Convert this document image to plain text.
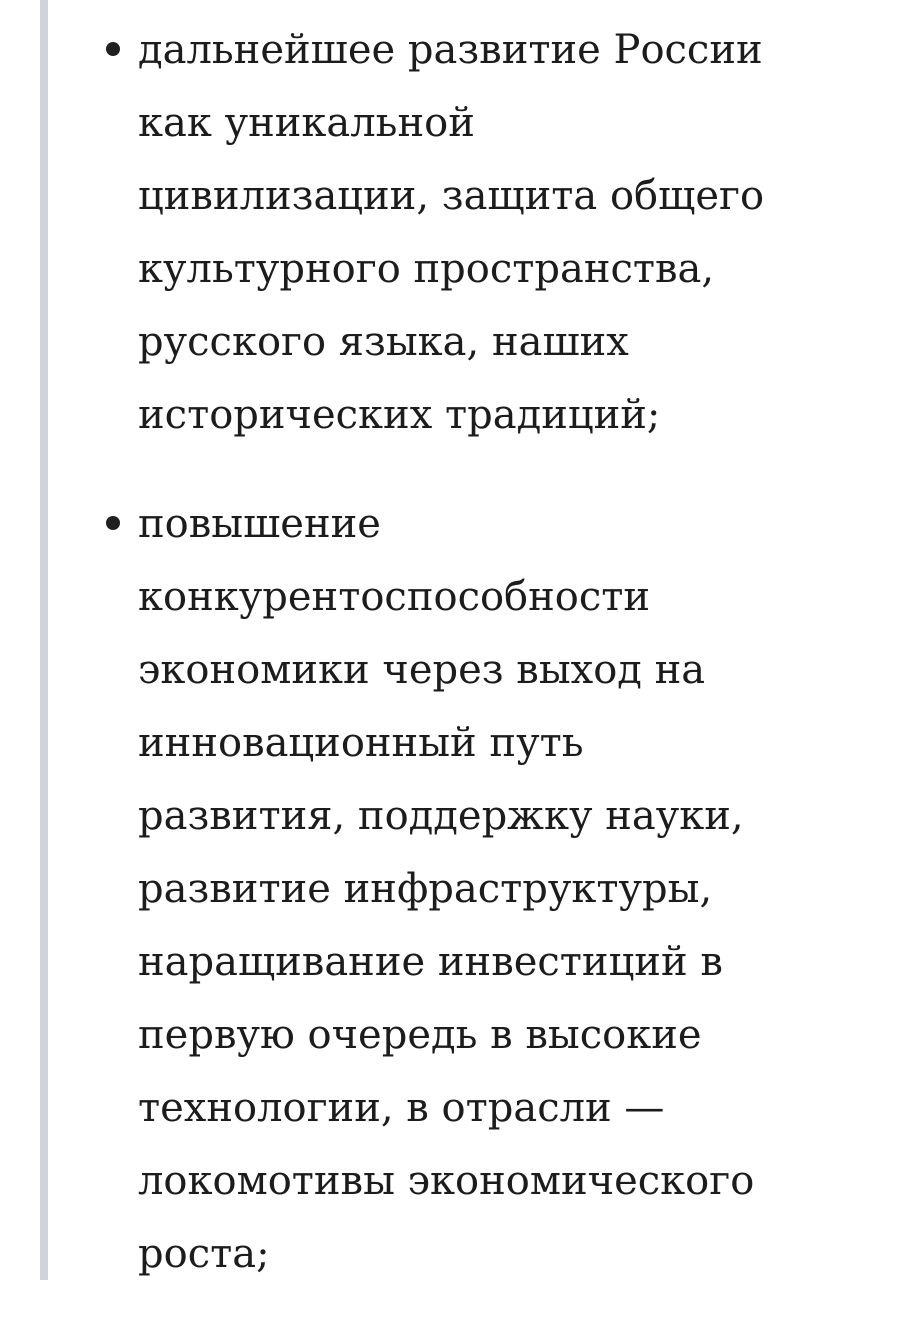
дальнейшее развитие России
как уникальной
цивилизации, защита общего
культурного пространства,
русского языка, наших
исторических традиций;
повышение
конкурентоспособности
экономики через выход на
инновационный путь
развития, поддержку науки,
развитие инфраструктуры,
наращивание инвестиций в
первую очередь в высокие
технологии, в отрасли —
локомотивы экономического
роста;
